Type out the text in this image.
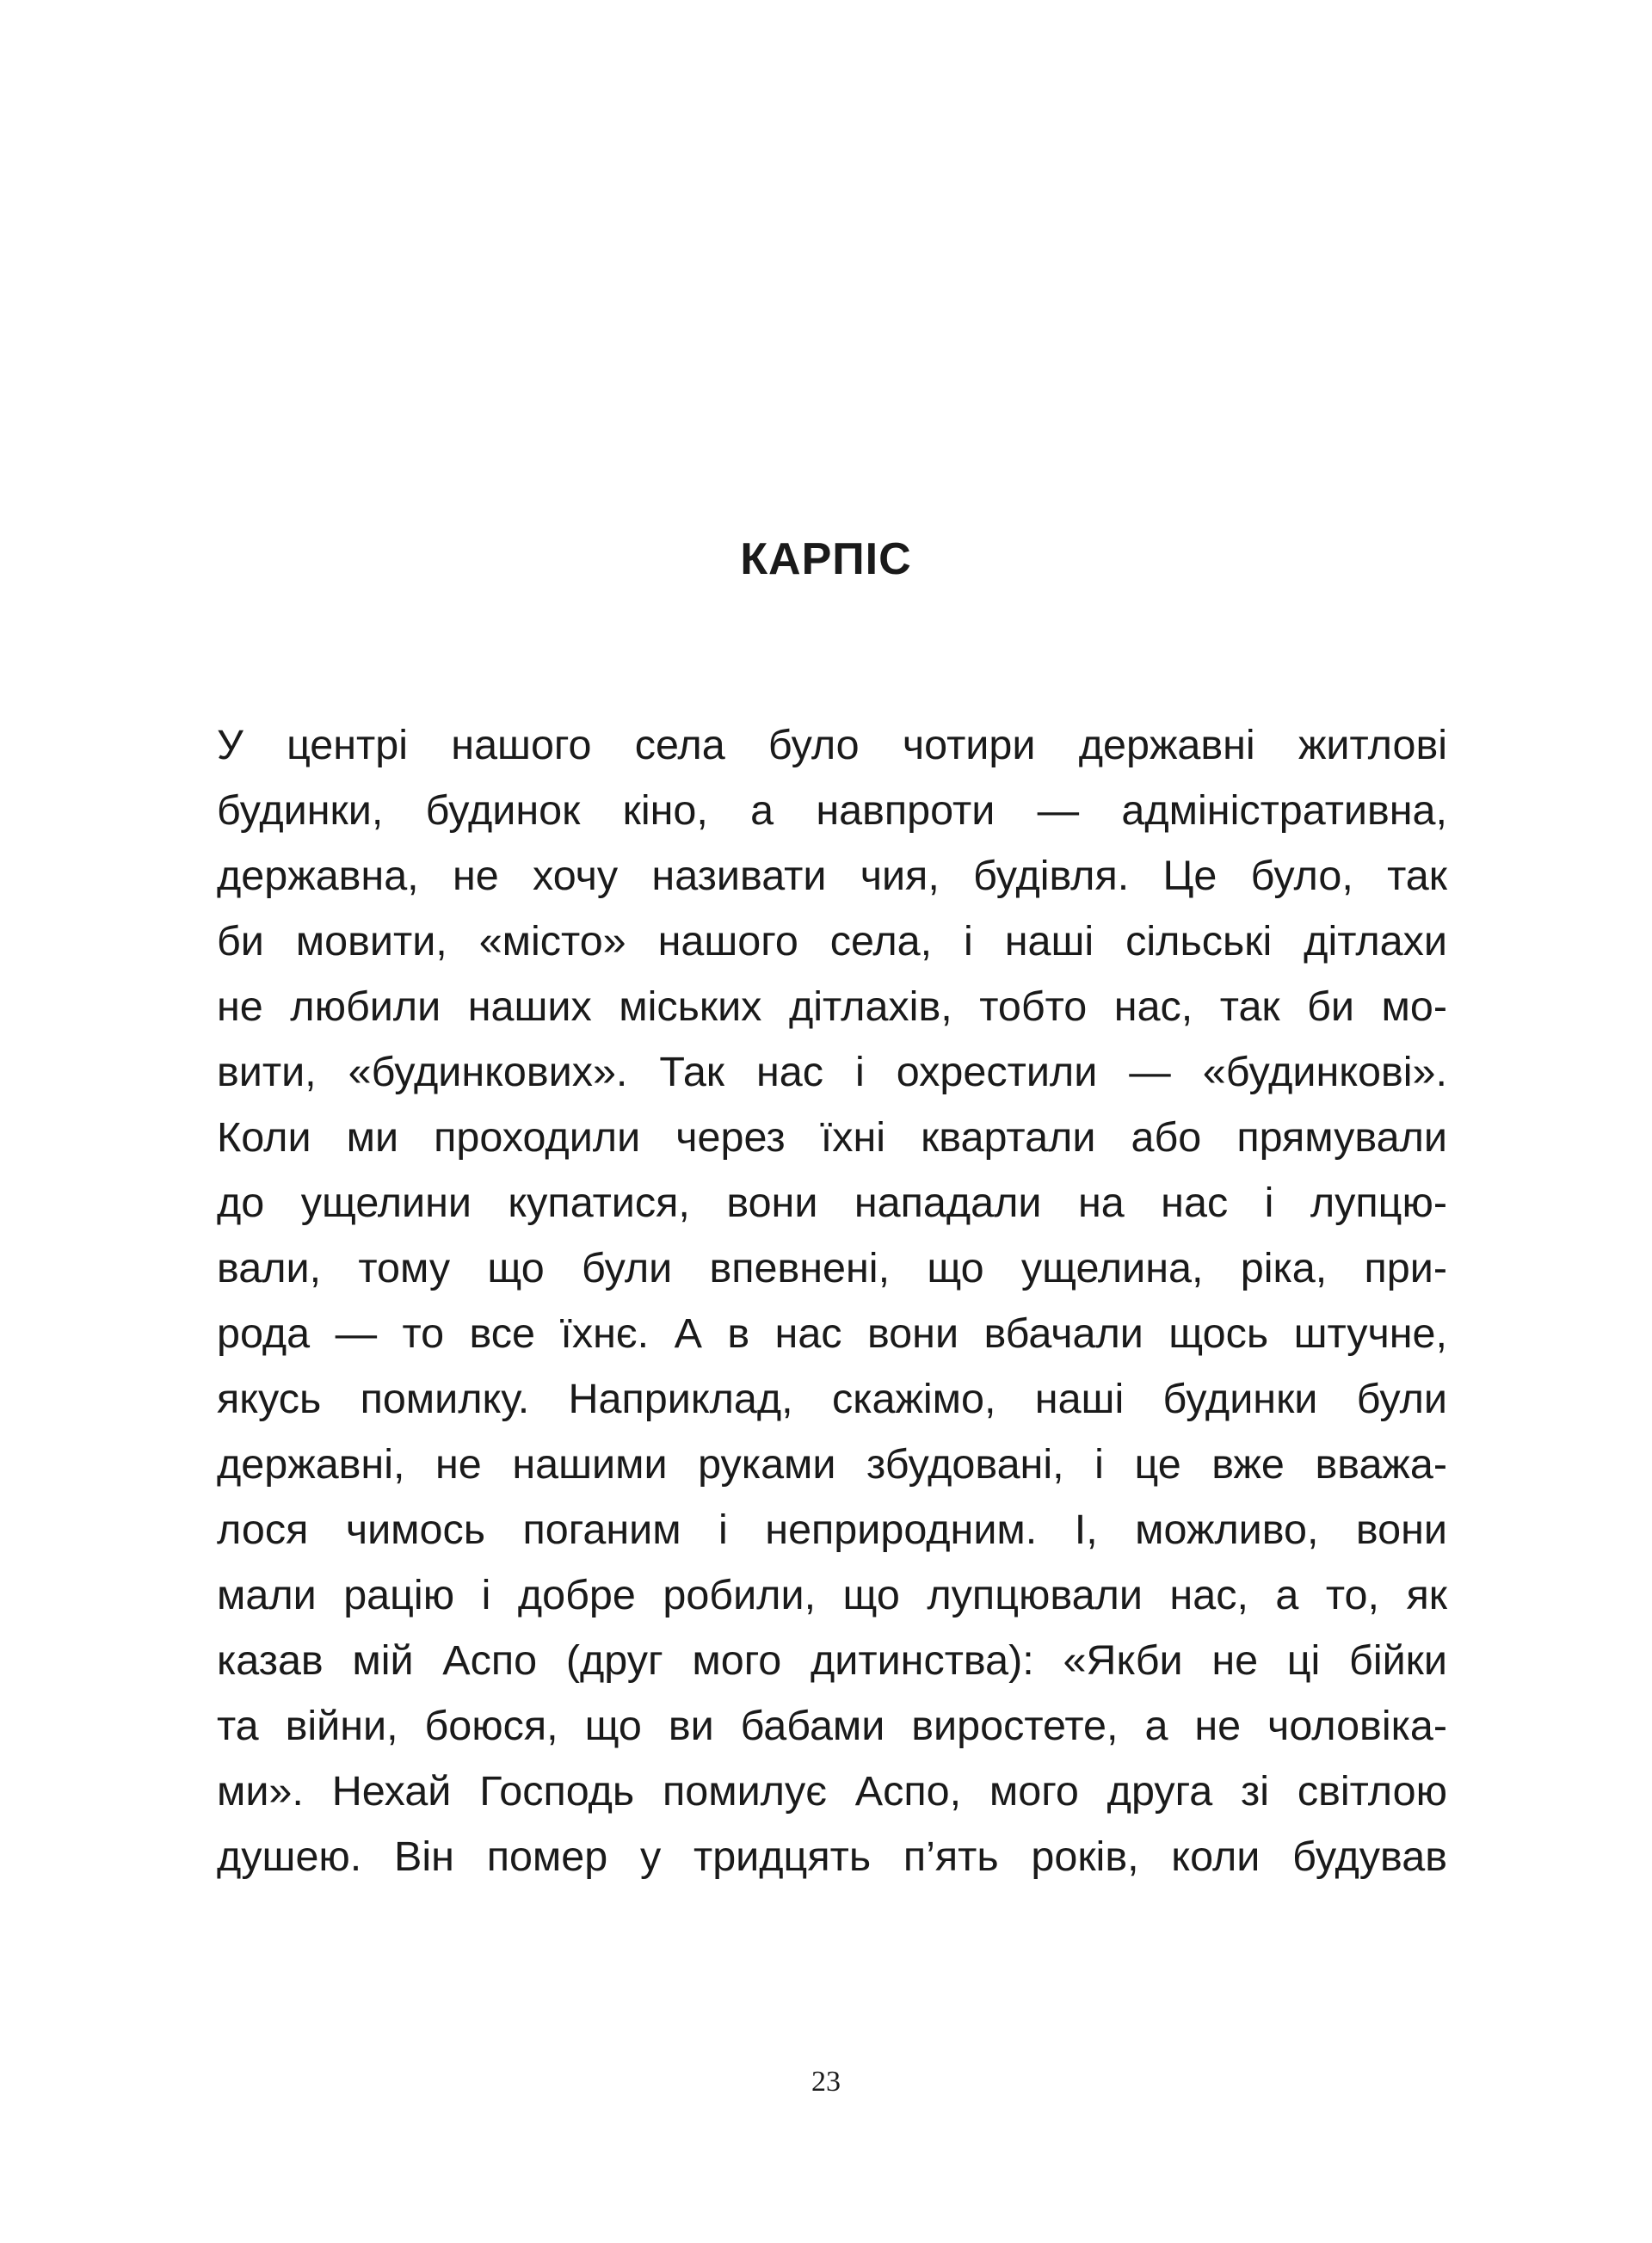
КАРПІС
У центрі нашого села було чотири державні житлові
будинки, будинок кіно, а навпроти — адміністративна,
державна, не хочу називати чия, будівля. Це було, так
би мовити, «місто» нашого села, і наші сільські дітлахи
не любили наших міських дітлахів, тобто нас, так би мо-
вити, «будинкових». Так нас і охрестили — «будинкові».
Коли ми проходили через їхні квартали або прямували
до ущелини купатися, вони нападали на нас і лупцю-
вали, тому що були впевнені, що ущелина, ріка, при-
рода — то все їхнє. А в нас вони вбачали щось штучне,
якусь помилку. Наприклад, скажімо, наші будинки були
державні, не нашими руками збудовані, і це вже вважа-
лося чимось поганим і неприродним. І, можливо, вони
мали рацію і добре робили, що лупцювали нас, а то, як
казав мій Аспо (друг мого дитинства): «Якби не ці бійки
та війни, боюся, що ви бабами виростете, а не чоловіка-
ми». Нехай Господь помилує Аспо, мого друга зі світлою
душею. Він помер у тридцять п’ять років, коли будував
23
